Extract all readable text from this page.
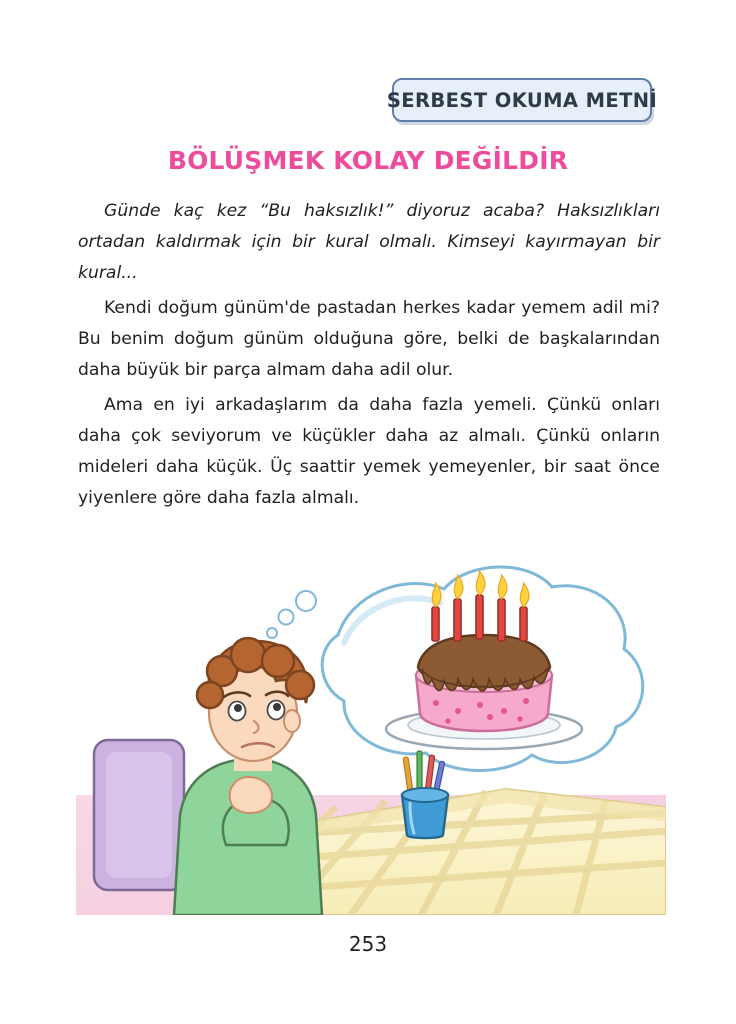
SERBEST OKUMA METNİ
BÖLÜŞMEK KOLAY DEĞİLDİR

Günde kaç kez “Bu haksızlık!” diyoruz acaba? Haksızlıkları ortadan kaldırmak için bir kural olmalı. Kimseyi kayırmayan bir kural...

Kendi doğum günüm'de pastadan herkes kadar yemem adil mi? Bu benim doğum günüm olduğuna göre, belki de başkalarından daha büyük bir parça almam daha adil olur.

Ama en iyi arkadaşlarım da daha fazla yemeli. Çünkü onları daha çok seviyorum ve küçükler daha az almalı. Çünkü onların mideleri daha küçük. Üç saattir yemek yemeyenler, bir saat önce yiyenlere göre daha fazla almalı.

253
